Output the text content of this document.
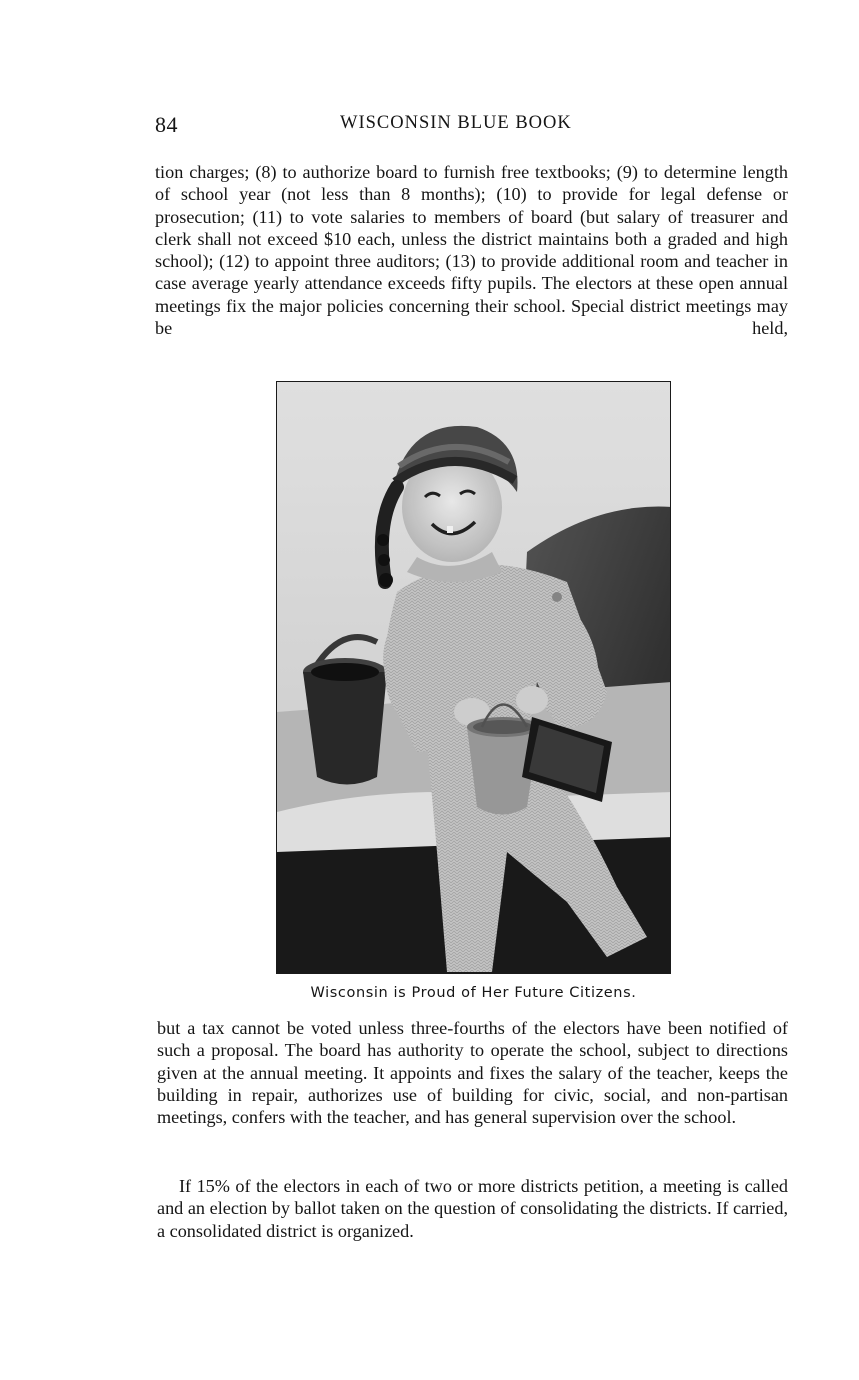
84	WISCONSIN BLUE BOOK

tion charges; (8) to authorize board to furnish free textbooks; (9) to determine length of school year (not less than 8 months); (10) to provide for legal defense or prosecution; (11) to vote salaries to members of board (but salary of treasurer and clerk shall not exceed $10 each, unless the district maintains both a graded and high school); (12) to appoint three auditors; (13) to provide additional room and teacher in case average yearly attendance exceeds fifty pupils. The electors at these open annual meetings fix the major policies concerning their school. Special district meetings may be held,

Wisconsin is Proud of Her Future Citizens.

but a tax cannot be voted unless three-fourths of the electors have been notified of such a proposal. The board has authority to operate the school, subject to directions given at the annual meeting. It appoints and fixes the salary of the teacher, keeps the building in repair, authorizes use of building for civic, social, and non-partisan meetings, confers with the teacher, and has general supervision over the school.

If 15% of the electors in each of two or more districts petition, a meeting is called and an election by ballot taken on the question of consolidating the districts. If carried, a consolidated district is organized.
